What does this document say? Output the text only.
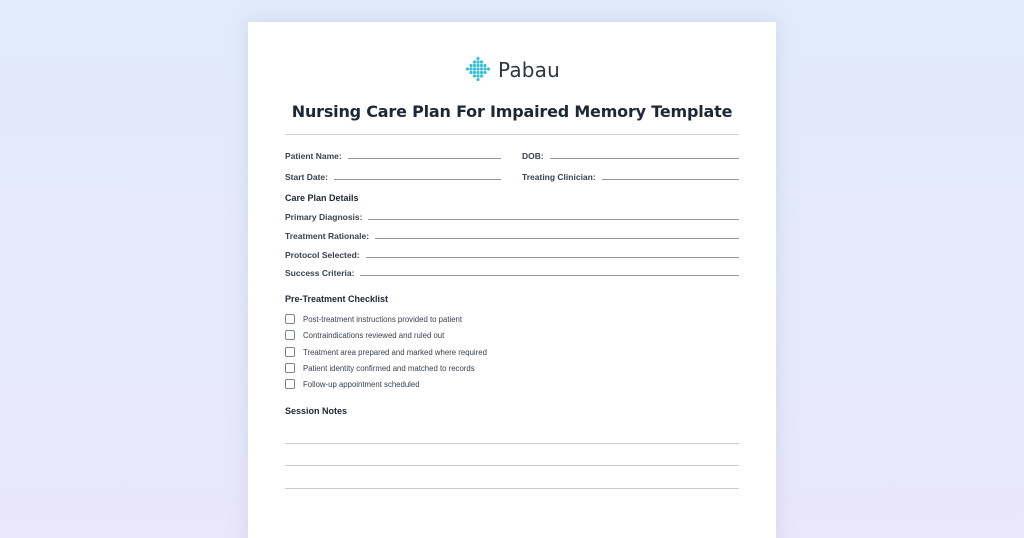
Pabau
Nursing Care Plan For Impaired Memory Template
Patient Name:	DOB:
Start Date:	Treating Clinician:
Care Plan Details
Primary Diagnosis:
Treatment Rationale:
Protocol Selected:
Success Criteria:
Pre-Treatment Checklist
Post-treatment instructions provided to patient
Contraindications reviewed and ruled out
Treatment area prepared and marked where required
Patient identity confirmed and matched to records
Follow-up appointment scheduled
Session Notes
